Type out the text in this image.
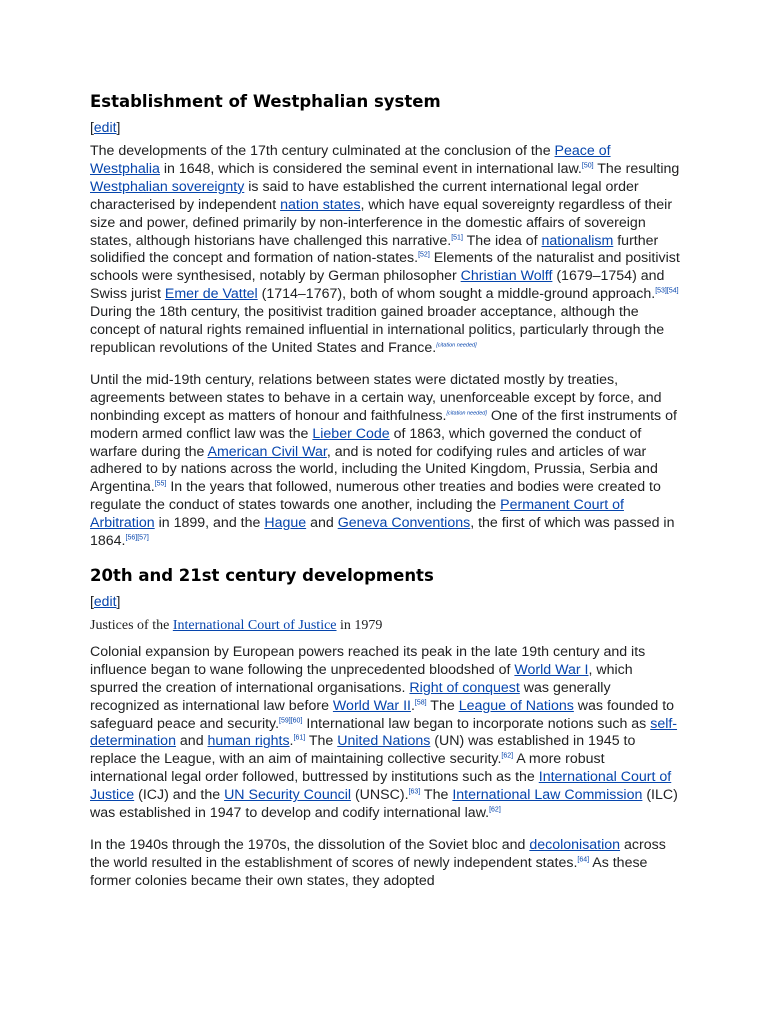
Establishment of Westphalian system
[edit]

The developments of the 17th century culminated at the conclusion of the Peace of Westphalia in 1648, which is considered the seminal event in international law.[50] The resulting Westphalian sovereignty is said to have established the current international legal order characterised by independent nation states, which have equal sovereignty regardless of their size and power, defined primarily by non-interference in the domestic affairs of sovereign states, although historians have challenged this narrative.[51] The idea of nationalism further solidified the concept and formation of nation-states.[52] Elements of the naturalist and positivist schools were synthesised, notably by German philosopher Christian Wolff (1679–1754) and Swiss jurist Emer de Vattel (1714–1767), both of whom sought a middle-ground approach.[53][54] During the 18th century, the positivist tradition gained broader acceptance, although the concept of natural rights remained influential in international politics, particularly through the republican revolutions of the United States and France.[citation needed]

Until the mid-19th century, relations between states were dictated mostly by treaties, agreements between states to behave in a certain way, unenforceable except by force, and nonbinding except as matters of honour and faithfulness.[citation needed] One of the first instruments of modern armed conflict law was the Lieber Code of 1863, which governed the conduct of warfare during the American Civil War, and is noted for codifying rules and articles of war adhered to by nations across the world, including the United Kingdom, Prussia, Serbia and Argentina.[55] In the years that followed, numerous other treaties and bodies were created to regulate the conduct of states towards one another, including the Permanent Court of Arbitration in 1899, and the Hague and Geneva Conventions, the first of which was passed in 1864.[56][57]

20th and 21st century developments
[edit]
Justices of the International Court of Justice in 1979

Colonial expansion by European powers reached its peak in the late 19th century and its influence began to wane following the unprecedented bloodshed of World War I, which spurred the creation of international organisations. Right of conquest was generally recognized as international law before World War II.[58] The League of Nations was founded to safeguard peace and security.[59][60] International law began to incorporate notions such as self-determination and human rights.[61] The United Nations (UN) was established in 1945 to replace the League, with an aim of maintaining collective security.[62] A more robust international legal order followed, buttressed by institutions such as the International Court of Justice (ICJ) and the UN Security Council (UNSC).[63] The International Law Commission (ILC) was established in 1947 to develop and codify international law.[62]

In the 1940s through the 1970s, the dissolution of the Soviet bloc and decolonisation across the world resulted in the establishment of scores of newly independent states.[64] As these former colonies became their own states, they adopted
